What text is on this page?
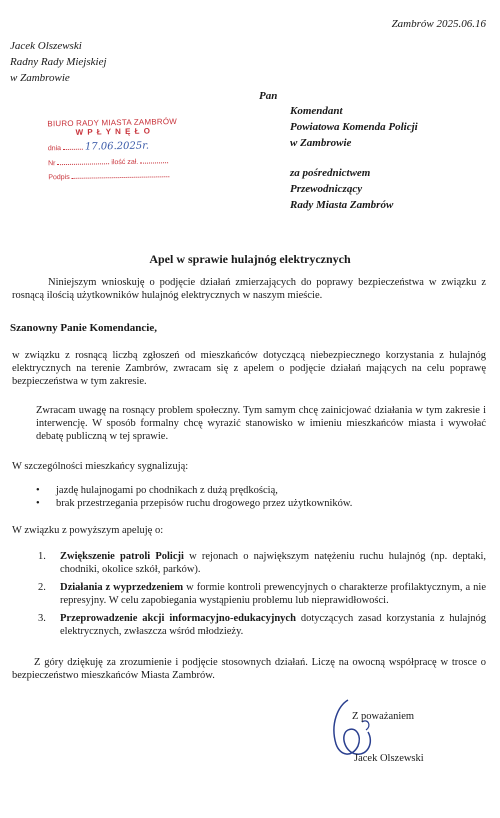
Zambrów 2025.06.16
Jacek Olszewski
Radny Rady Miejskiej
w Zambrowie
Pan
Komendant
Powiatowa Komenda Policji
w Zambrowie
za pośrednictwem
Przewodniczący
Rady Miasta Zambrów
BIURO RADY MIASTA ZAMBRÓW
W P Ł Y N Ę Ł O
dnia 17.06.2025r.
Nr	ilość zał.
Podpis
Apel w sprawie hulajnóg elektrycznych
Niniejszym wnioskuję o podjęcie działań zmierzających do poprawy bezpieczeństwa w związku z rosnącą ilością użytkowników hulajnóg elektrycznych w naszym mieście.
Szanowny Panie Komendancie,
w związku z rosnącą liczbą zgłoszeń od mieszkańców dotyczącą niebezpiecznego korzystania z hulajnóg elektrycznych na terenie Zambrów, zwracam się z apelem o podjęcie działań mających na celu poprawę bezpieczeństwa w tym zakresie.
Zwracam uwagę na rosnący problem społeczny. Tym samym chcę zainicjować działania w tym zakresie i interwencję. W sposób formalny chcę wyrazić stanowisko w imieniu mieszkańców miasta i wywołać debatę publiczną w tej sprawie.
W szczególności mieszkańcy sygnalizują:
• jazdę hulajnogami po chodnikach z dużą prędkością,
• brak przestrzegania przepisów ruchu drogowego przez użytkowników.
W związku z powyższym apeluję o:
1. Zwiększenie patroli Policji w rejonach o największym natężeniu ruchu hulajnóg (np. deptaki, chodniki, okolice szkół, parków).
2. Działania z wyprzedzeniem w formie kontroli prewencyjnych o charakterze profilaktycznym, a nie represyjny. W celu zapobiegania wystąpieniu problemu lub nieprawidłowości.
3. Przeprowadzenie akcji informacyjno-edukacyjnych dotyczących zasad korzystania z hulajnóg elektrycznych, zwłaszcza wśród młodzieży.
Z góry dziękuję za zrozumienie i podjęcie stosownych działań. Liczę na owocną współpracę w trosce o bezpieczeństwo mieszkańców Miasta Zambrów.
Z poważaniem
Jacek Olszewski
